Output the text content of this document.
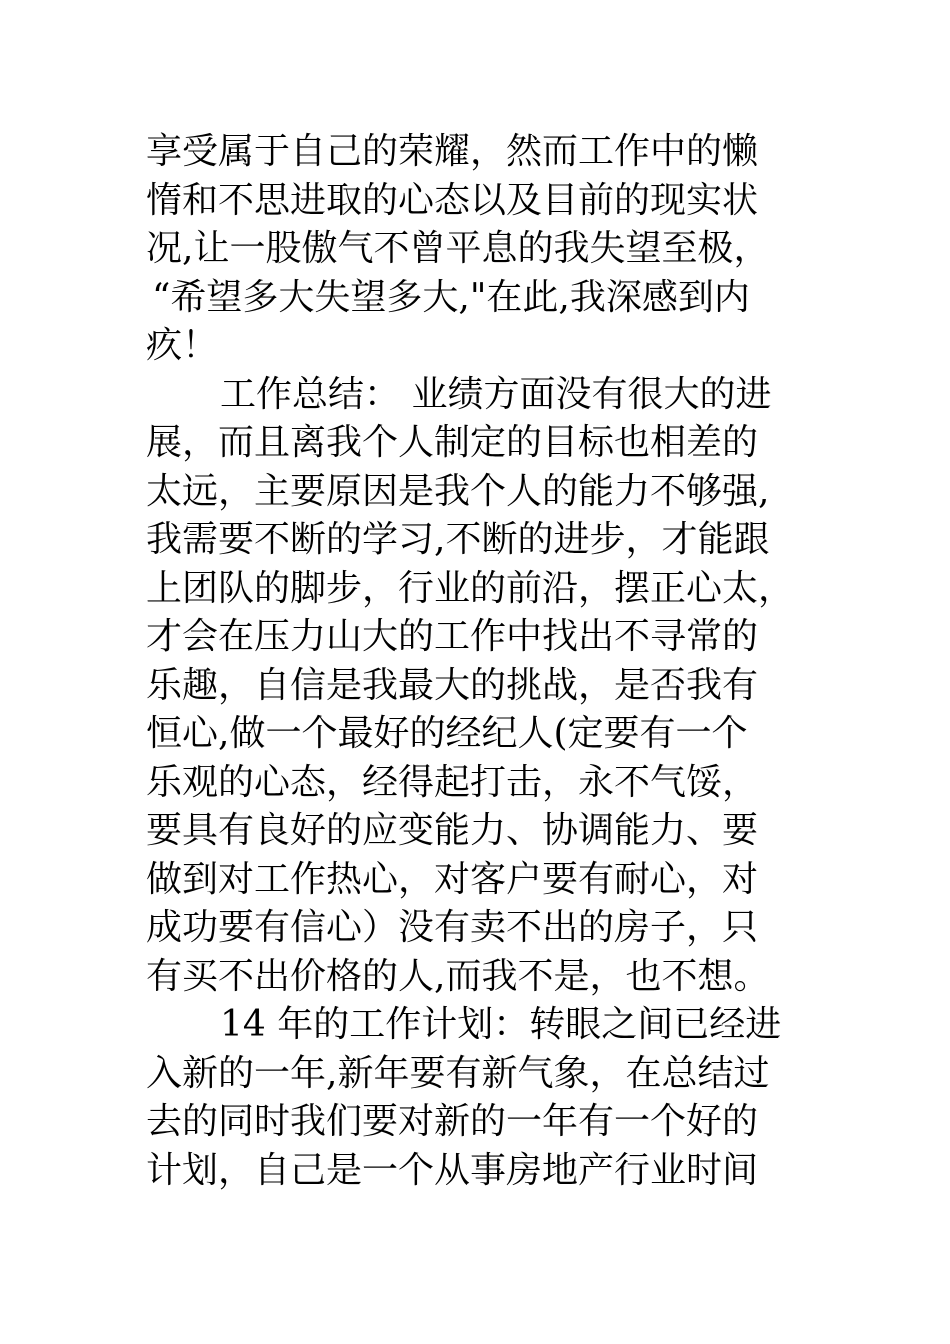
享受属于自己的荣耀，然而工作中的懒
惰和不思进取的心态以及目前的现实状
况,让一股傲气不曾平息的我失望至极，
“希望多大失望多大,"在此,我深感到内
疚！
工作总结： 业绩方面没有很大的进
展，而且离我个人制定的目标也相差的
太远，主要原因是我个人的能力不够强,
我需要不断的学习,不断的进步，才能跟
上团队的脚步，行业的前沿，摆正心太，
才会在压力山大的工作中找出不寻常的
乐趣，自信是我最大的挑战，是否我有
恒心,做一个最好的经纪人(定要有一个
乐观的心态，经得起打击，永不气馁，
要具有良好的应变能力、协调能力、要
做到对工作热心，对客户要有耐心，对
成功要有信心）没有卖不出的房子，只
有买不出价格的人,而我不是，也不想。
14 年的工作计划：转眼之间已经进
入新的一年,新年要有新气象，在总结过
去的同时我们要对新的一年有一个好的
计划，自己是一个从事房地产行业时间
